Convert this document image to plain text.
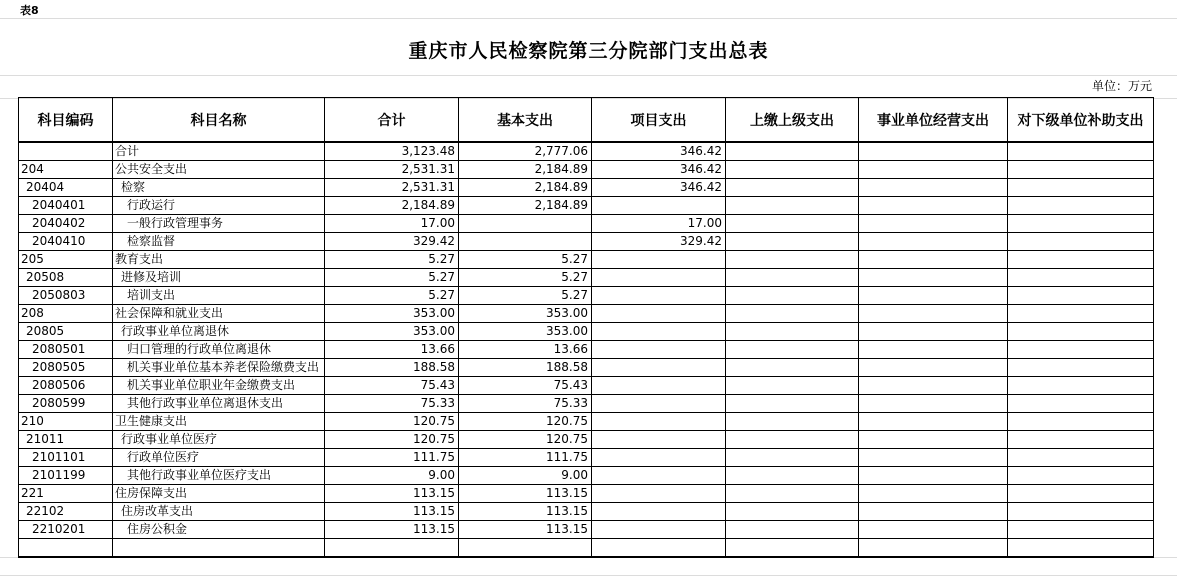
表8
重庆市人民检察院第三分院部门支出总表
单位：万元
科目编码	科目名称	合计	基本支出	项目支出	上缴上级支出	事业单位经营支出	对下级单位补助支出
	合计	3,123.48	2,777.06	346.42			
204	公共安全支出	2,531.31	2,184.89	346.42			
20404	检察	2,531.31	2,184.89	346.42			
2040401	行政运行	2,184.89	2,184.89				
2040402	一般行政管理事务	17.00		17.00			
2040410	检察监督	329.42		329.42			
205	教育支出	5.27	5.27				
20508	进修及培训	5.27	5.27				
2050803	培训支出	5.27	5.27				
208	社会保障和就业支出	353.00	353.00				
20805	行政事业单位离退休	353.00	353.00				
2080501	归口管理的行政单位离退休	13.66	13.66				
2080505	机关事业单位基本养老保险缴费支出	188.58	188.58				
2080506	机关事业单位职业年金缴费支出	75.43	75.43				
2080599	其他行政事业单位离退休支出	75.33	75.33				
210	卫生健康支出	120.75	120.75				
21011	行政事业单位医疗	120.75	120.75				
2101101	行政单位医疗	111.75	111.75				
2101199	其他行政事业单位医疗支出	9.00	9.00				
221	住房保障支出	113.15	113.15				
22102	住房改革支出	113.15	113.15				
2210201	住房公积金	113.15	113.15				
